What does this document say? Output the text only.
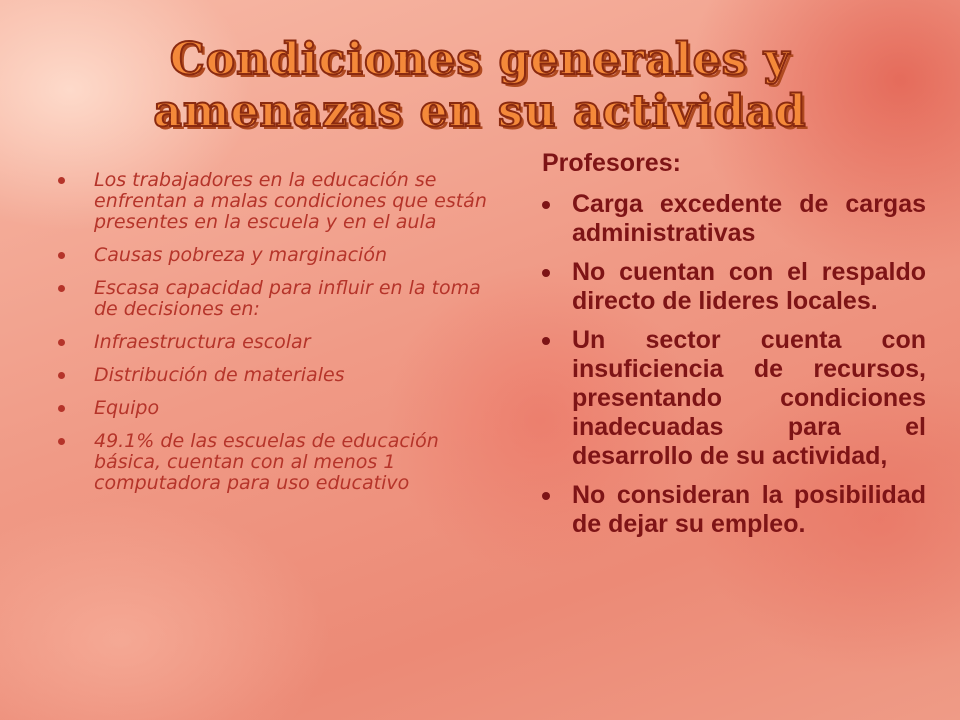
Condiciones generales y
amenazas en su actividad
Los trabajadores en la educación se enfrentan a malas condiciones que están presentes en la escuela y en el aula
Causas pobreza y marginación
Escasa capacidad para influir en la toma de decisiones en:
Infraestructura escolar
Distribución de materiales
Equipo
49.1% de las escuelas de educación básica, cuentan con al menos 1 computadora para uso educativo
Profesores:
Carga excedente de cargas administrativas
No cuentan con el respaldo directo de lideres locales.
Un sector cuenta con insuficiencia de recursos, presentando condiciones inadecuadas para el desarrollo de su actividad,
No consideran la posibilidad de dejar su empleo.
